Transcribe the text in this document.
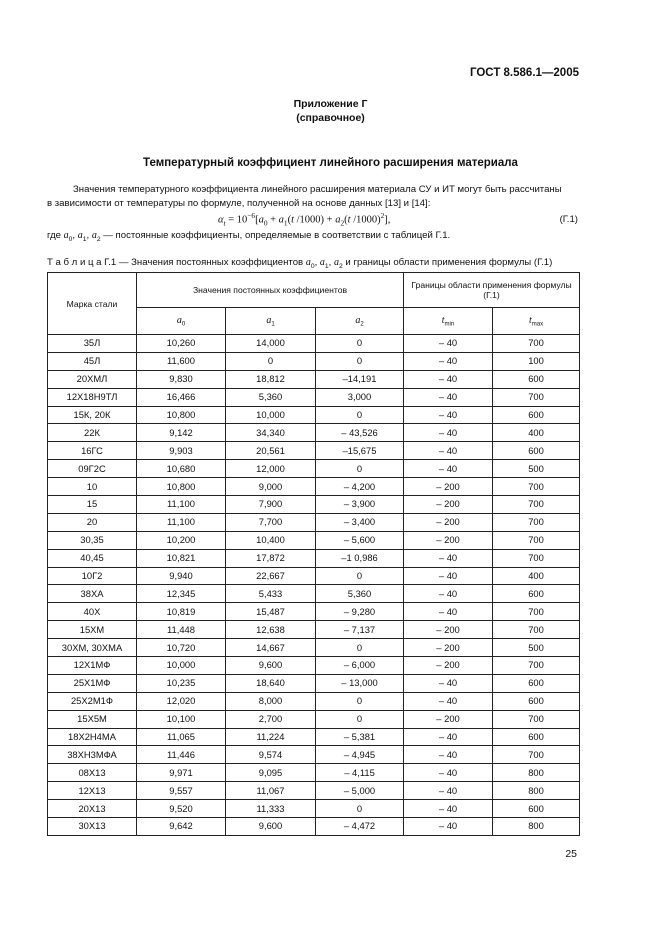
ГОСТ 8.586.1—2005
Приложение Г
(справочное)
Температурный коэффициент линейного расширения материала
Значения температурного коэффициента линейного расширения материала СУ и ИТ могут быть рассчитаны
в зависимости от температуры по формуле, полученной на основе данных [13] и [14]:
$\alpha_t = 10^{-6}[a_0 + a_1(t$ $/1000) + a_2(t$ /1000)$^2$],	(Г.1)
где $a_0$, $a_1$, $a_2$ — постоянные коэффициенты, определяемые в соответствии с таблицей Г.1.
Т а б л и ц а Г.1 — Значения постоянных коэффициентов $a_0$, $a_1$, $a_2$ и границы области применения формулы (Г.1)
Марка стали	Значения постоянных коэффициентов			Границы области применения формулы (Г.1)	
	$a_0$	$a_1$	$a_2$	$t_{min}$	$t_{max}$
35Л	10,260	14,000	0	– 40	700
45Л	11,600	0	0	– 40	100
20ХМЛ	9,830	18,812	–14,191	– 40	600
12Х18Н9ТЛ	16,466	5,360	3,000	– 40	700
15К, 20К	10,800	10,000	0	– 40	600
22К	9,142	34,340	– 43,526	– 40	400
16ГС	9,903	20,561	–15,675	– 40	600
09Г2С	10,680	12,000	0	– 40	500
10	10,800	9,000	– 4,200	– 200	700
15	11,100	7,900	– 3,900	– 200	700
20	11,100	7,700	– 3,400	– 200	700
30,35	10,200	10,400	– 5,600	– 200	700
40,45	10,821	17,872	–1 0,986	– 40	700
10Г2	9,940	22,667	0	– 40	400
38ХА	12,345	5,433	5,360	– 40	600
40Х	10,819	15,487	– 9,280	– 40	700
15ХМ	11,448	12,638	– 7,137	– 200	700
30ХМ, 30ХМА	10,720	14,667	0	– 200	500
12Х1МФ	10,000	9,600	– 6,000	– 200	700
25Х1МФ	10,235	18,640	– 13,000	– 40	600
25Х2М1Ф	12,020	8,000	0	– 40	600
15Х5М	10,100	2,700	0	– 200	700
18Х2Н4МА	11,065	11,224	– 5,381	– 40	600
38ХН3МФА	11,446	9,574	– 4,945	– 40	700
08Х13	9,971	9,095	– 4,115	– 40	800
12Х13	9,557	11,067	– 5,000	– 40	800
20Х13	9,520	11,333	0	– 40	600
30Х13	9,642	9,600	– 4,472	– 40	800
25
